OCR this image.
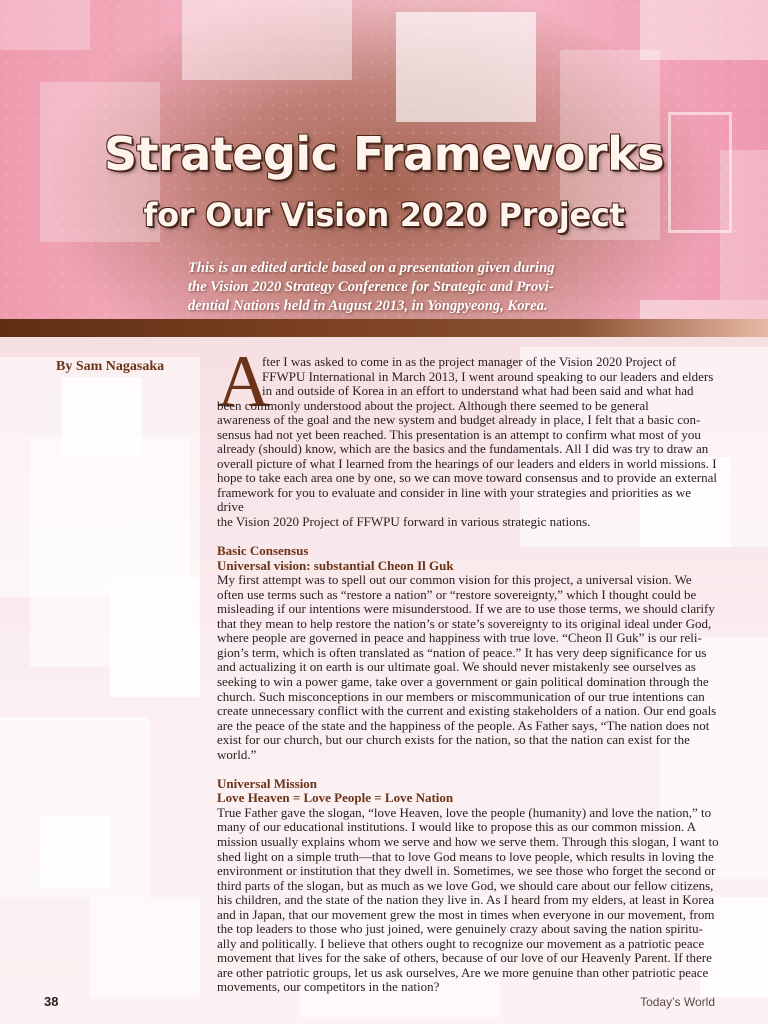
Strategic Frameworks
for Our Vision 2020 Project

This is an edited article based on a presentation given during
the Vision 2020 Strategy Conference for Strategic and Provi-
dential Nations held in August 2013, in Yongpyeong, Korea.

By Sam Nagasaka A

fter I was asked to come in as the project manager of the Vision 2020 Project of
FFWPU International in March 2013, I went around speaking to our leaders and elders
in and outside of Korea in an effort to understand what had been said and what had
been commonly understood about the project. Although there seemed to be general
awareness of the goal and the new system and budget already in place, I felt that a basic con-
sensus had not yet been reached. This presentation is an attempt to confirm what most of you
already (should) know, which are the basics and the fundamentals. All I did was try to draw an
overall picture of what I learned from the hearings of our leaders and elders in world missions. I
hope to take each area one by one, so we can move toward consensus and to provide an external
framework for you to evaluate and consider in line with your strategies and priorities as we drive
the Vision 2020 Project of FFWPU forward in various strategic nations.

Basic Consensus
Universal vision: substantial Cheon Il Guk

My first attempt was to spell out our common vision for this project, a universal vision. We
often use terms such as “restore a nation” or “restore sovereignty,” which I thought could be
misleading if our intentions were misunderstood. If we are to use those terms, we should clarify
that they mean to help restore the nation’s or state’s sovereignty to its original ideal under God,
where people are governed in peace and happiness with true love. “Cheon Il Guk” is our reli-
gion’s term, which is often translated as “nation of peace.” It has very deep significance for us
and actualizing it on earth is our ultimate goal. We should never mistakenly see ourselves as
seeking to win a power game, take over a government or gain political domination through the
church. Such misconceptions in our members or miscommunication of our true intentions can
create unnecessary conflict with the current and existing stakeholders of a nation. Our end goals
are the peace of the state and the happiness of the people. As Father says, “The nation does not
exist for our church, but our church exists for the nation, so that the nation can exist for the
world.”

Universal Mission
Love Heaven = Love People = Love Nation

True Father gave the slogan, “love Heaven, love the people (humanity) and love the nation,” to
many of our educational institutions. I would like to propose this as our common mission. A
mission usually explains whom we serve and how we serve them. Through this slogan, I want to
shed light on a simple truth—that to love God means to love people, which results in loving the
environment or institution that they dwell in. Sometimes, we see those who forget the second or
third parts of the slogan, but as much as we love God, we should care about our fellow citizens,
his children, and the state of the nation they live in. As I heard from my elders, at least in Korea
and in Japan, that our movement grew the most in times when everyone in our movement, from
the top leaders to those who just joined, were genuinely crazy about saving the nation spiritu-
ally and politically. I believe that others ought to recognize our movement as a patriotic peace
movement that lives for the sake of others, because of our love of our Heavenly Parent. If there
are other patriotic groups, let us ask ourselves, Are we more genuine than other patriotic peace
movements, our competitors in the nation?

38	Today’s World
